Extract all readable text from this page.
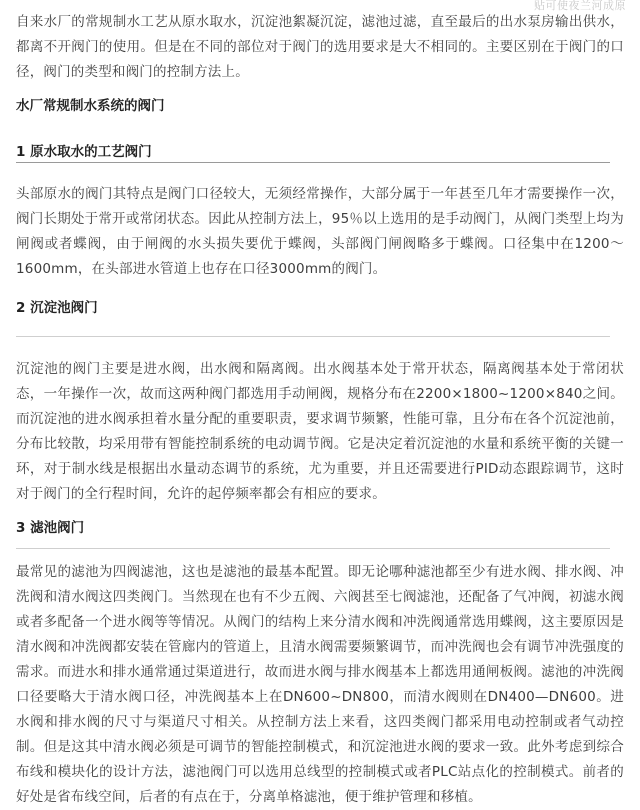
贴可使夜兰河成原

自来水厂的常规制水工艺从原水取水，沉淀池絮凝沉淀，滤池过滤，直至最后的出水泵房输出供水，都离不开阀门的使用。但是在不同的部位对于阀门的选用要求是大不相同的。主要区别在于阀门的口径，阀门的类型和阀门的控制方法上。

水厂常规制水系统的阀门
1 原水取水的工艺阀门

头部原水的阀门其特点是阀门口径较大，无须经常操作，大部分属于一年甚至几年才需要操作一次，阀门长期处于常开或常闭状态。因此从控制方法上，95％以上选用的是手动阀门，从阀门类型上均为闸阀或者蝶阀，由于闸阀的水头损失要优于蝶阀，头部阀门闸阀略多于蝶阀。口径集中在1200～1600mm，在头部进水管道上也存在口径3000mm的阀门。

2 沉淀池阀门

沉淀池的阀门主要是进水阀，出水阀和隔离阀。出水阀基本处于常开状态，隔离阀基本处于常闭状态，一年操作一次，故而这两种阀门都选用手动闸阀，规格分布在2200×1800~1200×840之间。而沉淀池的进水阀承担着水量分配的重要职责，要求调节频繁，性能可靠，且分布在各个沉淀池前，分布比较散，均采用带有智能控制系统的电动调节阀。它是决定着沉淀池的水量和系统平衡的关键一环，对于制水线是根据出水量动态调节的系统，尤为重要，并且还需要进行PID动态跟踪调节，这时对于阀门的全行程时间，允许的起停频率都会有相应的要求。

3 滤池阀门

最常见的滤池为四阀滤池，这也是滤池的最基本配置。即无论哪种滤池都至少有进水阀、排水阀、冲洗阀和清水阀这四类阀门。当然现在也有不少五阀、六阀甚至七阀滤池，还配备了气冲阀，初滤水阀或者多配备一个进水阀等等情况。从阀门的结构上来分清水阀和冲洗阀通常选用蝶阀，这主要原因是清水阀和冲洗阀都安装在管廊内的管道上，且清水阀需要频繁调节，而冲洗阀也会有调节冲洗强度的需求。而进水和排水通常通过渠道进行，故而进水阀与排水阀基本上都选用通闸板阀。滤池的冲洗阀口径要略大于清水阀口径，冲洗阀基本上在DN600~DN800，而清水阀则在DN400—DN600。进水阀和排水阀的尺寸与渠道尺寸相关。从控制方法上来看，这四类阀门都采用电动控制或者气动控制。但是这其中清水阀必须是可调节的智能控制模式，和沉淀池进水阀的要求一致。此外考虑到综合布线和模块化的设计方法，滤池阀门可以选用总线型的控制模式或者PLC站点化的控制模式。前者的好处是省布线空间，后者的有点在于，分离单格滤池，便于维护管理和移植。
